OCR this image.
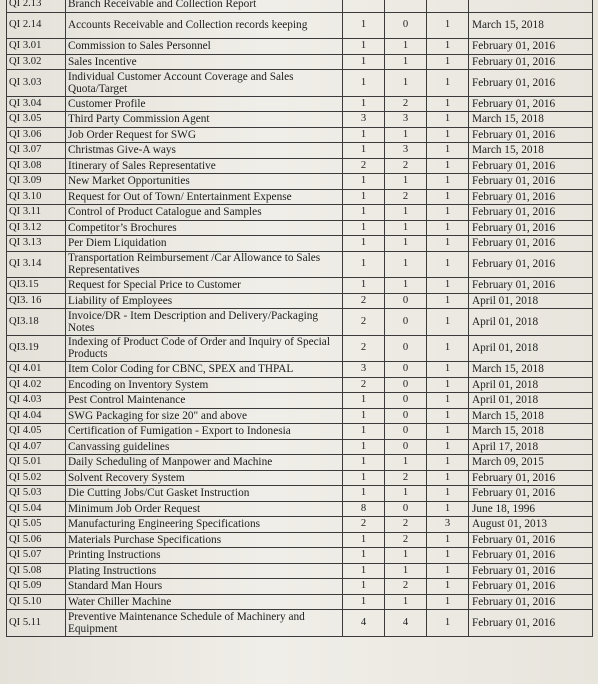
QI 2.13	Branch Receivable and Collection Report				
QI 2.14	Accounts Receivable and Collection records keeping	1	0	1	March 15, 2018
QI 3.01	Commission to Sales Personnel	1	1	1	February 01, 2016
QI 3.02	Sales Incentive	1	1	1	February 01, 2016
QI 3.03	Individual Customer Account Coverage and Sales Quota/Target	1	1	1	February 01, 2016
QI 3.04	Customer Profile	1	2	1	February 01, 2016
QI 3.05	Third Party Commission Agent	3	3	1	March 15, 2018
QI 3.06	Job Order Request for SWG	1	1	1	February 01, 2016
QI 3.07	Christmas Give-A ways	1	3	1	March 15, 2018
QI 3.08	Itinerary of Sales Representative	2	2	1	February 01, 2016
QI 3.09	New Market Opportunities	1	1	1	February 01, 2016
QI 3.10	Request for Out of Town/ Entertainment Expense	1	2	1	February 01, 2016
QI 3.11	Control of Product Catalogue and Samples	1	1	1	February 01, 2016
QI 3.12	Competitor’s Brochures	1	1	1	February 01, 2016
QI 3.13	Per Diem Liquidation	1	1	1	February 01, 2016
QI 3.14	Transportation Reimbursement /Car Allowance to Sales Representatives	1	1	1	February 01, 2016
QI3.15	Request for Special Price to Customer	1	1	1	February 01, 2016
QI3. 16	Liability of Employees	2	0	1	April 01, 2018
QI3.18	Invoice/DR - Item Description and Delivery/Packaging Notes	2	0	1	April 01, 2018
QI3.19	Indexing of Product Code of Order and Inquiry of Special Products	2	0	1	April 01, 2018
QI 4.01	Item Color Coding for CBNC, SPEX and THPAL	3	0	1	March 15, 2018
QI 4.02	Encoding on Inventory System	2	0	1	April 01, 2018
QI 4.03	Pest Control Maintenance	1	0	1	April 01, 2018
QI 4.04	SWG Packaging for size 20" and above	1	0	1	March 15, 2018
QI 4.05	Certification of Fumigation - Export to Indonesia	1	0	1	March 15, 2018
QI 4.07	Canvassing guidelines	1	0	1	April 17, 2018
QI 5.01	Daily Scheduling of Manpower and Machine	1	1	1	March 09, 2015
QI 5.02	Solvent Recovery System	1	2	1	February 01, 2016
QI 5.03	Die Cutting Jobs/Cut Gasket Instruction	1	1	1	February 01, 2016
QI 5.04	Minimum Job Order Request	8	0	1	June 18, 1996
QI 5.05	Manufacturing Engineering Specifications	2	2	3	August 01, 2013
QI 5.06	Materials Purchase Specifications	1	2	1	February 01, 2016
QI 5.07	Printing Instructions	1	1	1	February 01, 2016
QI 5.08	Plating Instructions	1	1	1	February 01, 2016
QI 5.09	Standard Man Hours	1	2	1	February 01, 2016
QI 5.10	Water Chiller Machine	1	1	1	February 01, 2016
QI 5.11	Preventive Maintenance Schedule of Machinery and Equipment	4	4	1	February 01, 2016
